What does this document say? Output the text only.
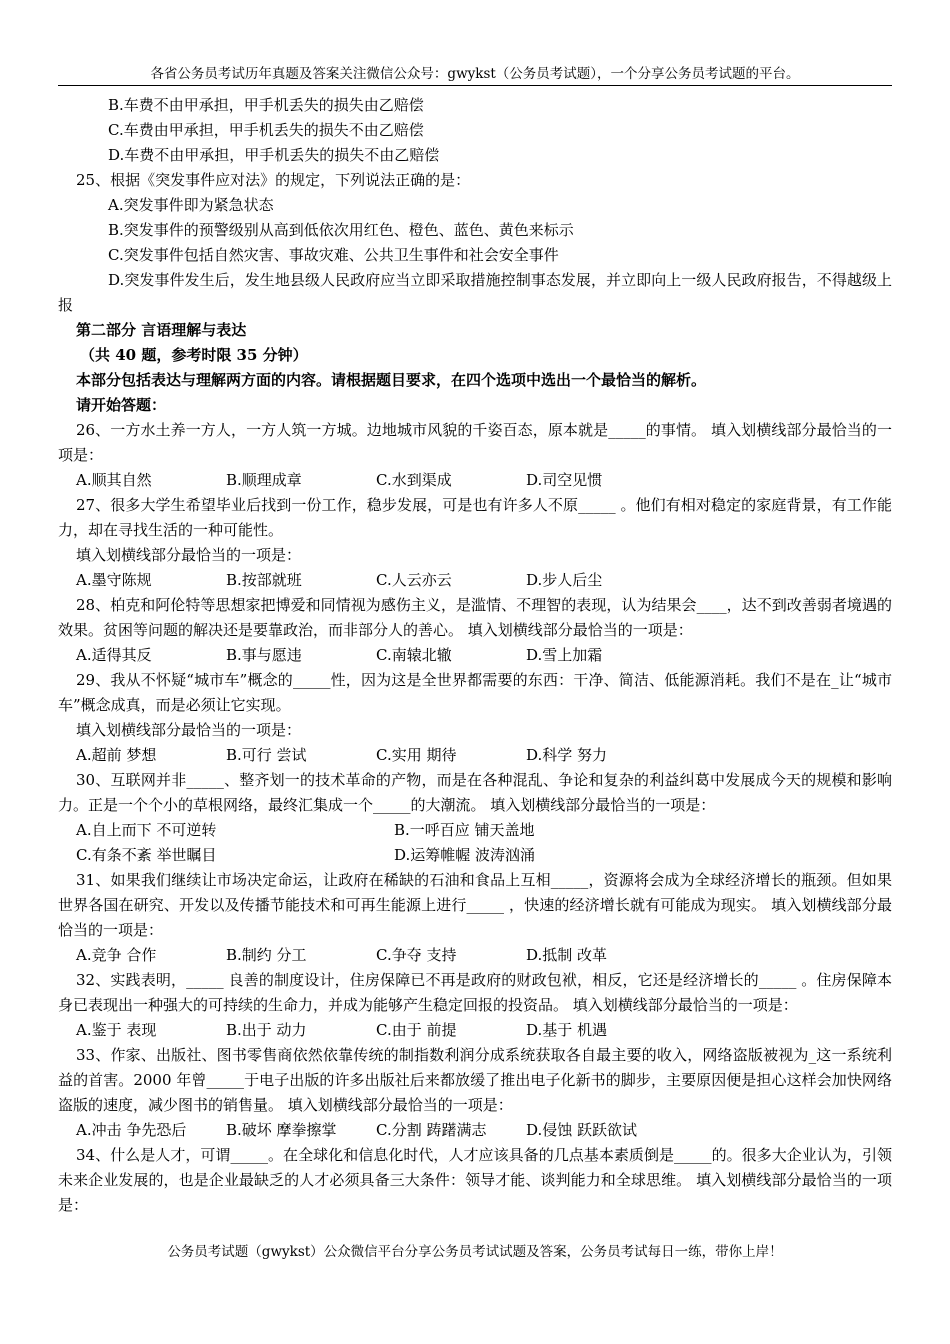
各省公务员考试历年真题及答案关注微信公众号：gwykst（公务员考试题），一个分享公务员考试题的平台。
B.车费不由甲承担，甲手机丢失的损失由乙赔偿
C.车费由甲承担，甲手机丢失的损失不由乙赔偿
D.车费不由甲承担，甲手机丢失的损失不由乙赔偿
25、根据《突发事件应对法》的规定，下列说法正确的是：
A.突发事件即为紧急状态
B.突发事件的预警级别从高到低依次用红色、橙色、蓝色、黄色来标示
C.突发事件包括自然灾害、事故灾难、公共卫生事件和社会安全事件
D.突发事件发生后，发生地县级人民政府应当立即采取措施控制事态发展，并立即向上一级人民政府报告，不得越级上报
第二部分 言语理解与表达
（共 40 题，参考时限 35 分钟）
本部分包括表达与理解两方面的内容。请根据题目要求，在四个选项中选出一个最恰当的解析。
请开始答题：
26、一方水土养一方人，一方人筑一方城。边地城市风貌的千姿百态，原本就是_____的事情。 填入划横线部分最恰当的一项是：
A.顺其自然	B.顺理成章	C.水到渠成	D.司空见惯
27、很多大学生希望毕业后找到一份工作，稳步发展，可是也有许多人不原_____ 。他们有相对稳定的家庭背景，有工作能力，却在寻找生活的一种可能性。
填入划横线部分最恰当的一项是：
A.墨守陈规	B.按部就班	C.人云亦云	D.步人后尘
28、柏克和阿伦特等思想家把博爱和同情视为感伤主义，是滥情、不理智的表现，认为结果会____，达不到改善弱者境遇的效果。贫困等问题的解决还是要靠政治，而非部分人的善心。 填入划横线部分最恰当的一项是：
A.适得其反	B.事与愿违	C.南辕北辙	D.雪上加霜
29、我从不怀疑“城市车”概念的_____性，因为这是全世界都需要的东西：干净、简洁、低能源消耗。我们不是在_让“城市车”概念成真，而是必须让它实现。
填入划横线部分最恰当的一项是：
A.超前 梦想	B.可行 尝试	C.实用 期待	D.科学 努力
30、互联网并非_____、整齐划一的技术革命的产物，而是在各种混乱、争论和复杂的利益纠葛中发展成今天的规模和影响力。正是一个个小的草根网络，最终汇集成一个_____的大潮流。 填入划横线部分最恰当的一项是：
A.自上而下 不可逆转	B.一呼百应 铺天盖地
C.有条不紊 举世瞩目	D.运筹帷幄 波涛汹涌
31、如果我们继续让市场决定命运，让政府在稀缺的石油和食品上互相_____，资源将会成为全球经济增长的瓶颈。但如果世界各国在研究、开发以及传播节能技术和可再生能源上进行_____ ，快速的经济增长就有可能成为现实。 填入划横线部分最恰当的一项是：
A.竞争 合作	B.制约 分工	C.争夺 支持	D.抵制 改革
32、实践表明，_____ 良善的制度设计，住房保障已不再是政府的财政包袱，相反，它还是经济增长的_____ 。住房保障本身已表现出一种强大的可持续的生命力，并成为能够产生稳定回报的投资品。 填入划横线部分最恰当的一项是：
A.鉴于 表现	B.出于 动力	C.由于 前提	D.基于 机遇
33、作家、出版社、图书零售商依然依靠传统的制指数利润分成系统获取各自最主要的收入，网络盗版被视为_这一系统利益的首害。2000 年曾_____于电子出版的许多出版社后来都放缓了推出电子化新书的脚步，主要原因便是担心这样会加快网络盗版的速度，减少图书的销售量。 填入划横线部分最恰当的一项是：
A.冲击 争先恐后	B.破坏 摩拳擦掌	C.分割 踌躇满志	D.侵蚀 跃跃欲试
34、什么是人才，可谓_____。在全球化和信息化时代，人才应该具备的几点基本素质倒是_____的。很多大企业认为，引领未来企业发展的，也是企业最缺乏的人才必须具备三大条件：领导才能、谈判能力和全球思维。 填入划横线部分最恰当的一项是：
公务员考试题（gwykst）公众微信平台分享公务员考试试题及答案，公务员考试每日一练，带你上岸！
